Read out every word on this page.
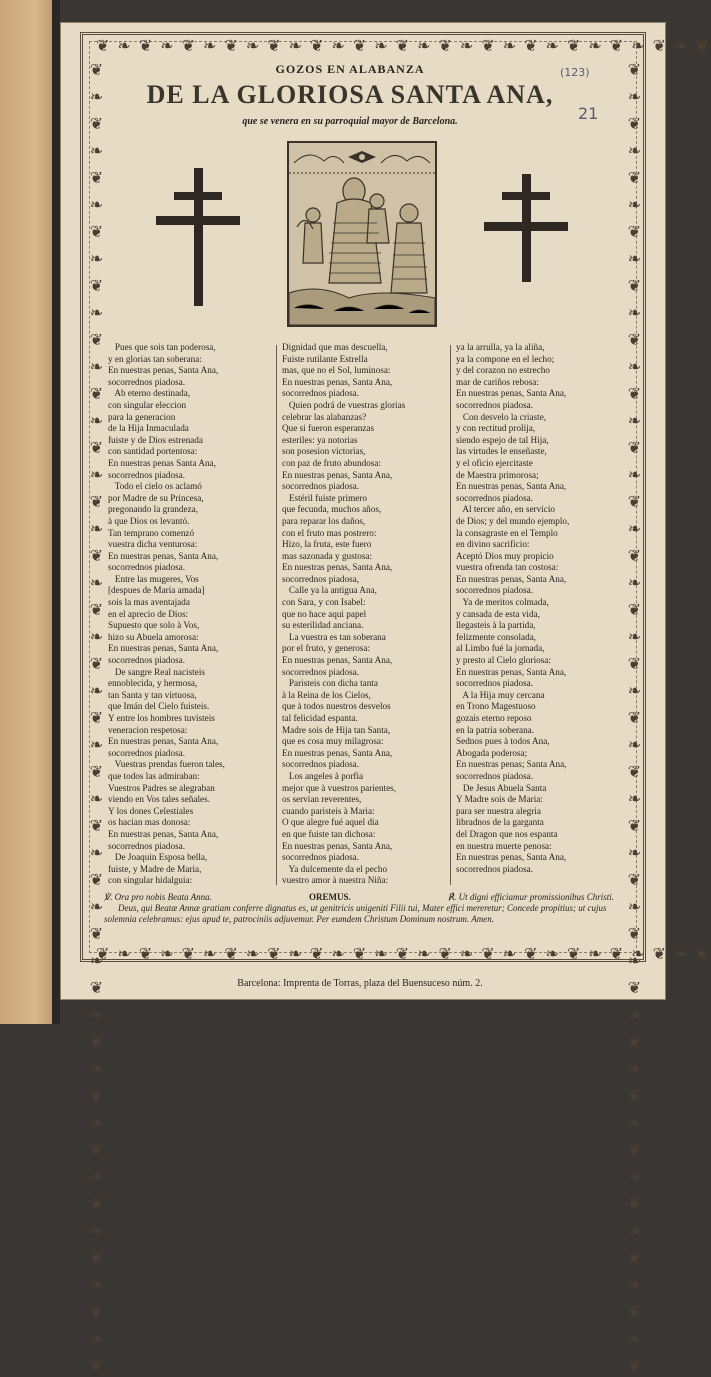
❦ ❧ ❦ ❧ ❦ ❧ ❦ ❧ ❦ ❧ ❦ ❧ ❦ ❧ ❦ ❧ ❦ ❧ ❦ ❧ ❦ ❧ ❦ ❧ ❦ ❧ ❦ ❧ ❦
❦ ❧ ❦ ❧ ❦ ❧ ❦ ❧ ❦ ❧ ❦ ❧ ❦ ❧ ❦ ❧ ❦ ❧ ❦ ❧ ❦ ❧ ❦ ❧ ❦ ❧ ❦ ❧ ❦
❦ ❧ ❦ ❧ ❦ ❧ ❦ ❧ ❦ ❧ ❦ ❧ ❦ ❧ ❦ ❧ ❦ ❧ ❦ ❧ ❦ ❧ ❦ ❧ ❦ ❧ ❦ ❧ ❦ ❧ ❦ ❧ ❦ ❧ ❦ ❧ ❦ ❧ ❦ ❧ ❦ ❧ ❦ ❧ ❦ ❧ ❦ ❧ ❦	❦ ❧ ❦ ❧ ❦ ❧ ❦ ❧ ❦ ❧ ❦ ❧ ❦ ❧ ❦ ❧ ❦ ❧ ❦ ❧ ❦ ❧ ❦ ❧ ❦ ❧ ❦ ❧ ❦ ❧ ❦ ❧ ❦ ❧ ❦ ❧ ❦ ❧ ❦ ❧ ❦ ❧ ❦ ❧ ❦ ❧ ❦ ❧ ❦
GOZOS EN ALABANZA
DE LA GLORIOSA SANTA ANA,
que se venera en su parroquial mayor de Barcelona.
(123)
21
Pues que sois tan poderosa,
y en glorias tan soberana:
En nuestras penas, Santa Ana,
socorrednos piadosa.
Ab eterno destinada,
con singular eleccion
para la generacion
de la Hija Inmaculada
fuiste y de Dios estrenada
con santidad portentosa:
En nuestras penas Santa Ana,
socorrednos piadosa.
Todo el cielo os aclamó
por Madre de su Princesa,
pregonando la grandeza,
à que Dios os levantó.
Tan temprano comenzó
vuestra dicha venturosa:
En nuestras penas, Santa Ana,
socorrednos piadosa.
Entre las mugeres, Vos
[despues de Maria amada]
sois la mas aventajada
en el aprecio de Dios:
Supuesto que solo à Vos,
hizo su Abuela amorosa:
En nuestras penas, Santa Ana,
socorrednos piadosa.
De sangre Real nacisteis
ennoblecida, y hermosa,
tan Santa y tan virtuosa,
que Imán del Cielo fuisteis.
Y entre los hombres tuvisteis
veneracion respetosa:
En nuestras penas, Santa Ana,
socorrednos piadosa.
Vuestras prendas fueron tales,
que todos las admiraban:
Vuestros Padres se alegraban
viendo en Vos tales señales.
Y los dones Celestiales
os hacian mas donosa:
En nuestras penas, Santa Ana,
socorrednos piadosa.
De Joaquin Esposa bella,
fuiste, y Madre de Maria,
con singular hidalguia:
Dignidad que mas descuella,
Fuiste rutilante Estrella
mas, que no el Sol, luminosa:
En nuestras penas, Santa Ana,
socorrednos piadosa.
Quien podrá de vuestras glorias
celebrar las alabanzas?
Que si fueron esperanzas
esteriles: ya notorias
son posesion victorias,
con paz de fruto abundosa:
En nuestras penas, Santa Ana,
socorrednos piadosa.
Estéril fuiste primero
que fecunda, muchos años,
para reparar los daños,
con el fruto mas postrero:
Hizo, la fruta, este fuero
mas sazonada y gustosa:
En nuestras penas, Santa Ana,
socorrednos piadosa,
Calle ya la antigua Ana,
con Sara, y con Isabel:
que no hace aqui papel
su esterilidad anciana.
La vuestra es tan soberana
por el fruto, y generosa:
En nuestras penas, Santa Ana,
socorrednos piadosa.
Paristeis con dicha tanta
à la Reina de los Cielos,
que à todos nuestros desvelos
tal felicidad espanta.
Madre sois de Hija tan Santa,
que es cosa muy milagrosa:
En nuestras penas, Santa Ana,
socorrednos piadosa.
Los angeles à porfia
mejor que à vuestros parientes,
os servian reverentes,
cuando paristeis à Maria:
O que alegre fué aquel dia
en que fuiste tan dichosa:
En nuestras penas, Santa Ana,
socorrednos piadosa.
Ya dulcemente da el pecho
vuestro amor à nuestra Niña:
ya la arrulla, ya la aliña,
ya la compone en el lecho;
y del corazon no estrecho
mar de cariños rebosa:
En nuestras penas, Santa Ana,
socorrednos piadosa.
Con desvelo la criaste,
y con rectitud prolija,
siendo espejo de tal Hija,
las virtudes le enseñaste,
y el oficio ejercitaste
de Maestra primorosa;
En nuestras penas, Santa Ana,
socorrednos piadosa.
Al tercer año, en servicio
de Dios; y del mundo ejemplo,
la consagraste en el Templo
en divino sacrificio:
Aceptó Dios muy propicio
vuestra ofrenda tan costosa:
En nuestras penas, Santa Ana,
socorrednos piadosa.
Ya de meritos colmada,
y cansada de esta vida,
llegasteis à la partida,
felizmente consolada,
al Limbo fué la jornada,
y presto al Cielo gloriosa:
En nuestras penas, Santa Ana,
socorrednos piadosa.
A la Hija muy cercana
en Trono Magestuoso
gozais eterno reposo
en la patria soberana.
Sednos pues à todos Ana,
Abogada poderosa;
En nuestras penas; Santa Ana,
socorrednos piadosa.
De Jesus Abuela Santa
Y Madre sois de Maria:
para ser nuestra alegria
libradnos de la garganta
del Dragon que nos espanta
en nuestra muerte penosa:
En nuestras penas, Santa Ana,
socorrednos piadosa.
℣. Ora pro nobis Beata Anna.	OREMUS.	℟. Ut digni efficiamur promissionibus Christi.
Deus, qui Beatæ Annæ gratiam conferre dignatus es, ut genitricis unigeniti Filii tui, Mater effici mereretur; Concede propitius; ut cujus solemnia celebramus: ejus apud te, patrociniis adjuvemur. Per eumdem Christum Dominum nostrum. Amen.
Barcelona: Imprenta de Torras, plaza del Buensuceso núm. 2.
